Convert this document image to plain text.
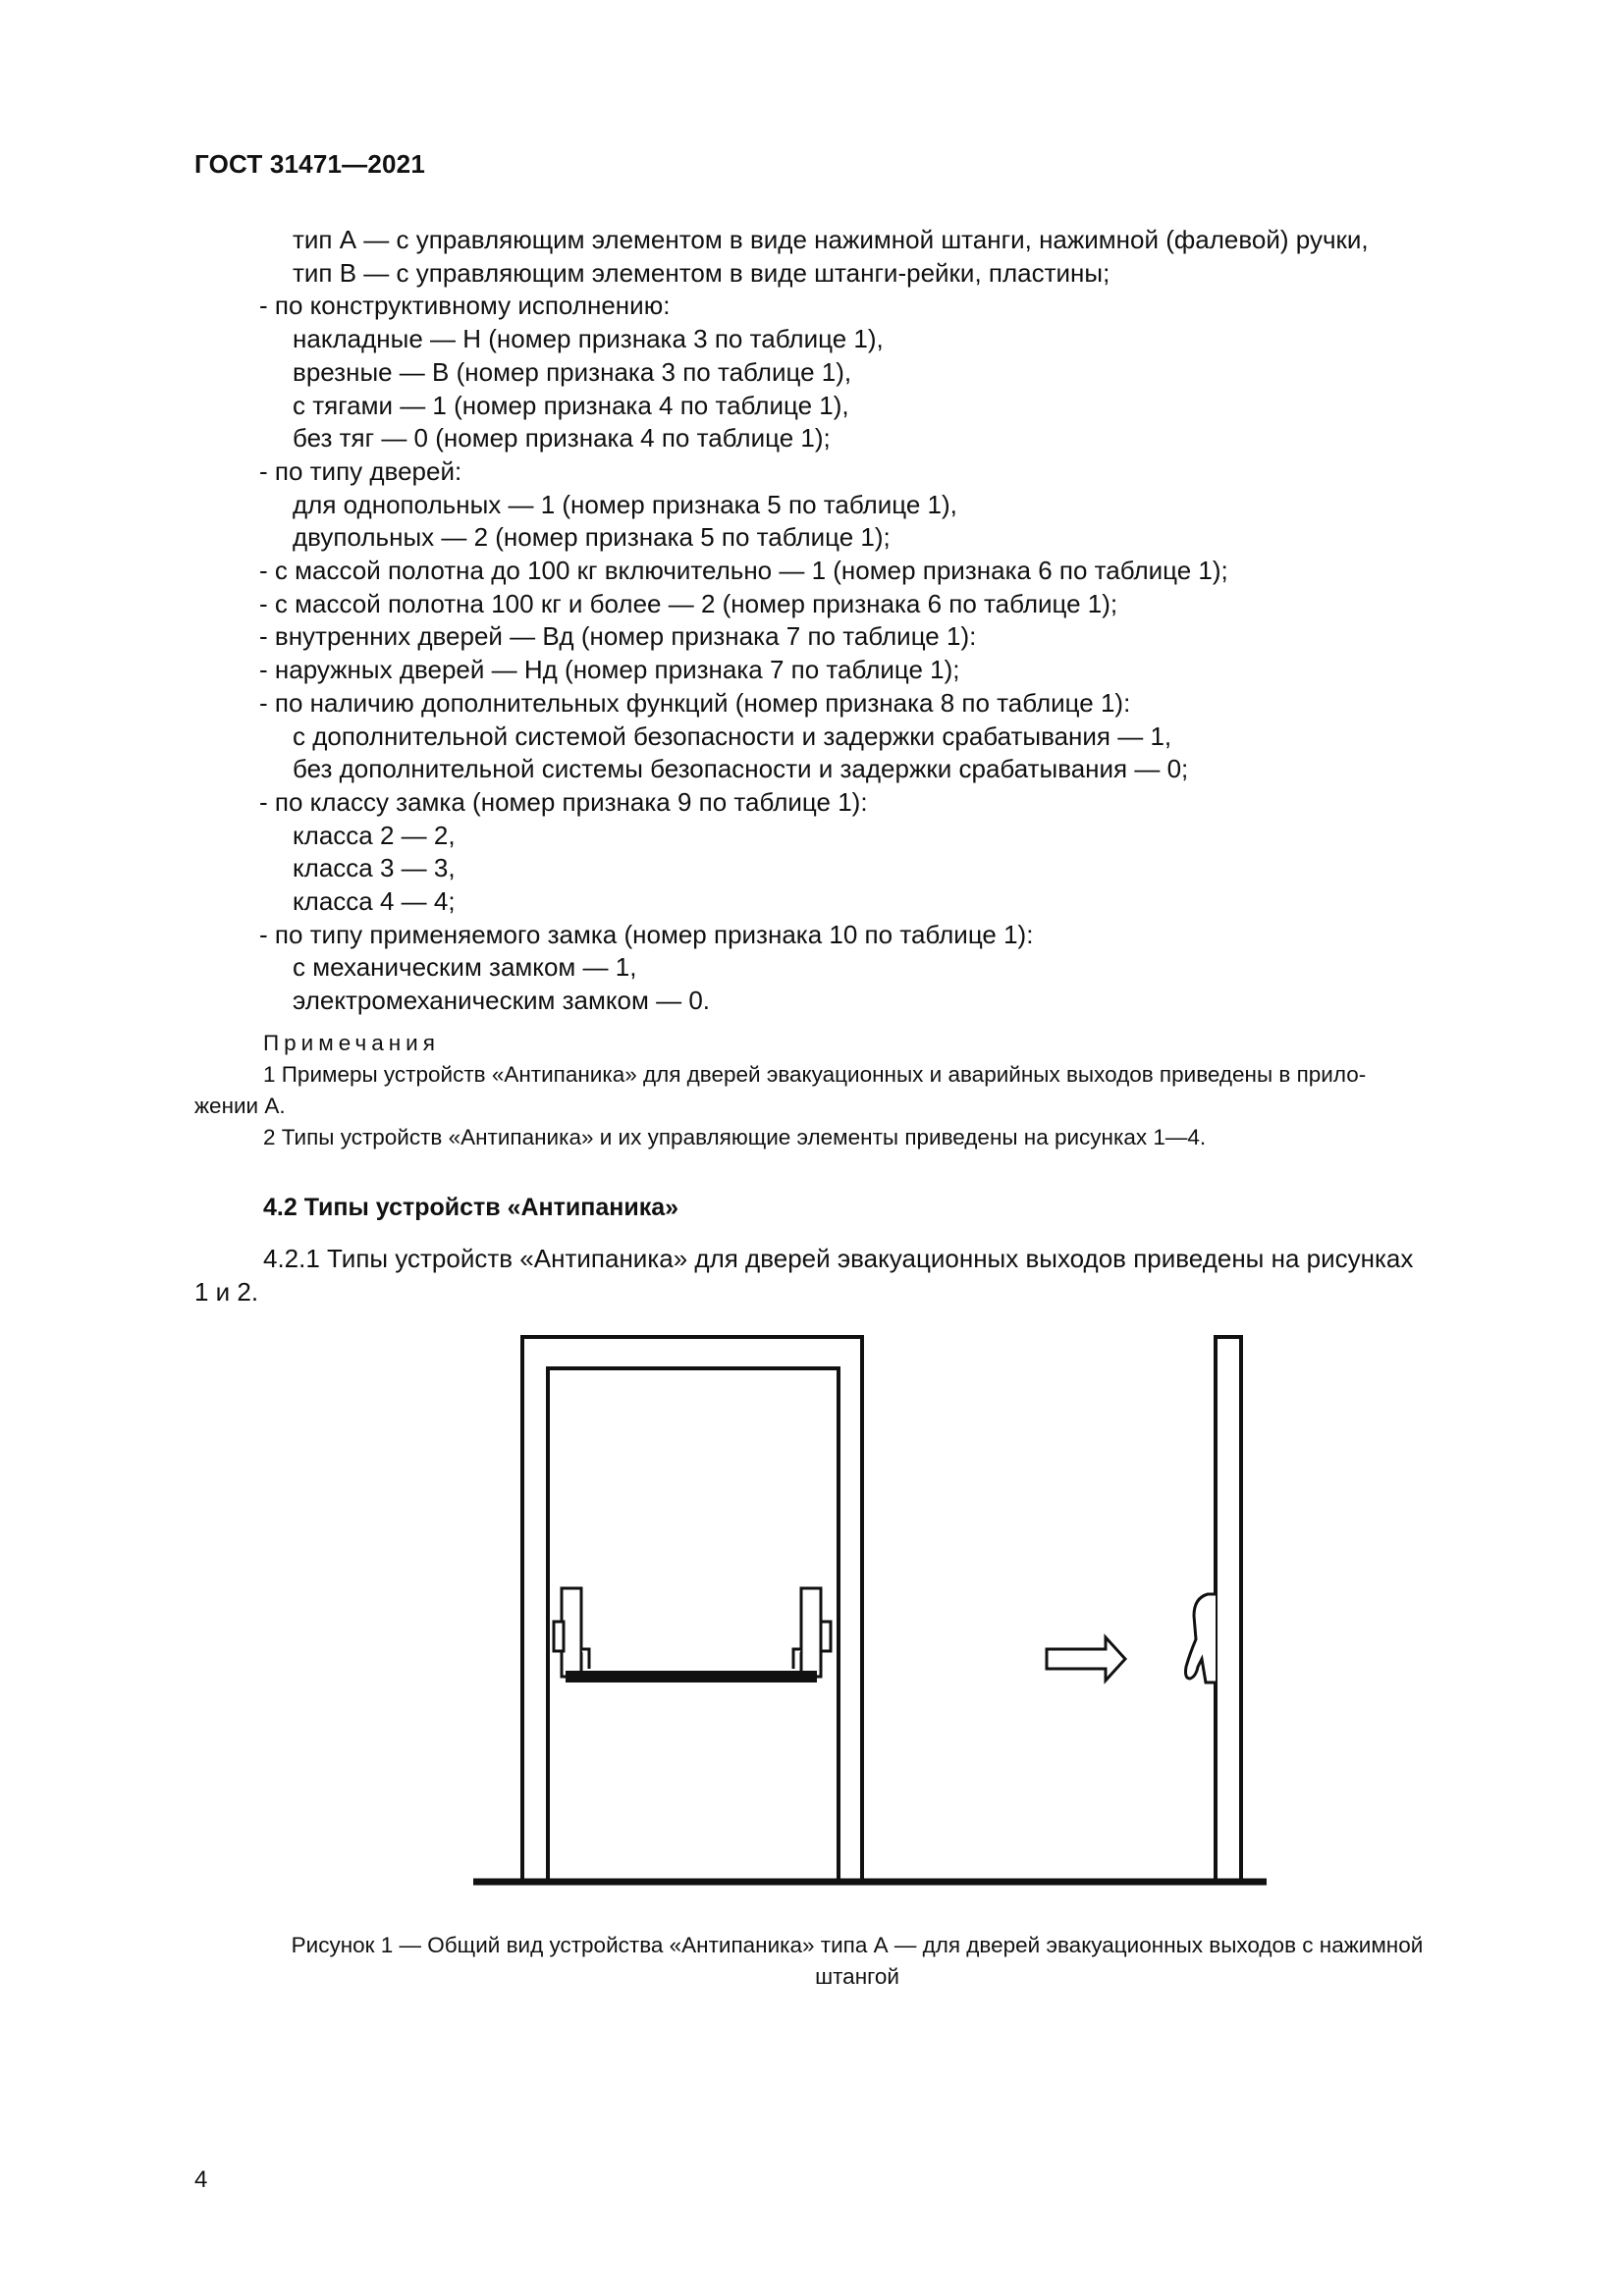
ГОСТ 31471—2021
тип А — с управляющим элементом в виде нажимной штанги, нажимной (фалевой) ручки,
тип В — с управляющим элементом в виде штанги-рейки, пластины;
- по конструктивному исполнению:
накладные — Н (номер признака 3 по таблице 1),
врезные — В (номер признака 3 по таблице 1),
с тягами — 1 (номер признака 4 по таблице 1),
без тяг — 0 (номер признака 4 по таблице 1);
- по типу дверей:
для однопольных — 1 (номер признака 5 по таблице 1),
двупольных — 2 (номер признака 5 по таблице 1);
- с массой полотна до 100 кг включительно — 1 (номер признака 6 по таблице 1);
- с массой полотна 100 кг и более — 2 (номер признака 6 по таблице 1);
- внутренних дверей — Вд (номер признака 7 по таблице 1):
- наружных дверей — Нд (номер признака 7 по таблице 1);
- по наличию дополнительных функций (номер признака 8 по таблице 1):
с дополнительной системой безопасности и задержки срабатывания — 1,
без дополнительной системы безопасности и задержки срабатывания — 0;
- по классу замка (номер признака 9 по таблице 1):
класса 2 — 2,
класса 3 — 3,
класса 4 — 4;
- по типу применяемого замка (номер признака 10 по таблице 1):
с механическим замком — 1,
электромеханическим замком — 0.
Примечания
1 Примеры устройств «Антипаника» для дверей эвакуационных и аварийных выходов приведены в прило-
жении А.
2 Типы устройств «Антипаника» и их управляющие элементы приведены на рисунках 1—4.
4.2 Типы устройств «Антипаника»
4.2.1 Типы устройств «Антипаника» для дверей эвакуационных выходов приведены на рисунках
1 и 2.
Рисунок 1 — Общий вид устройства «Антипаника» типа А — для дверей эвакуационных выходов с нажимной
штангой
4
